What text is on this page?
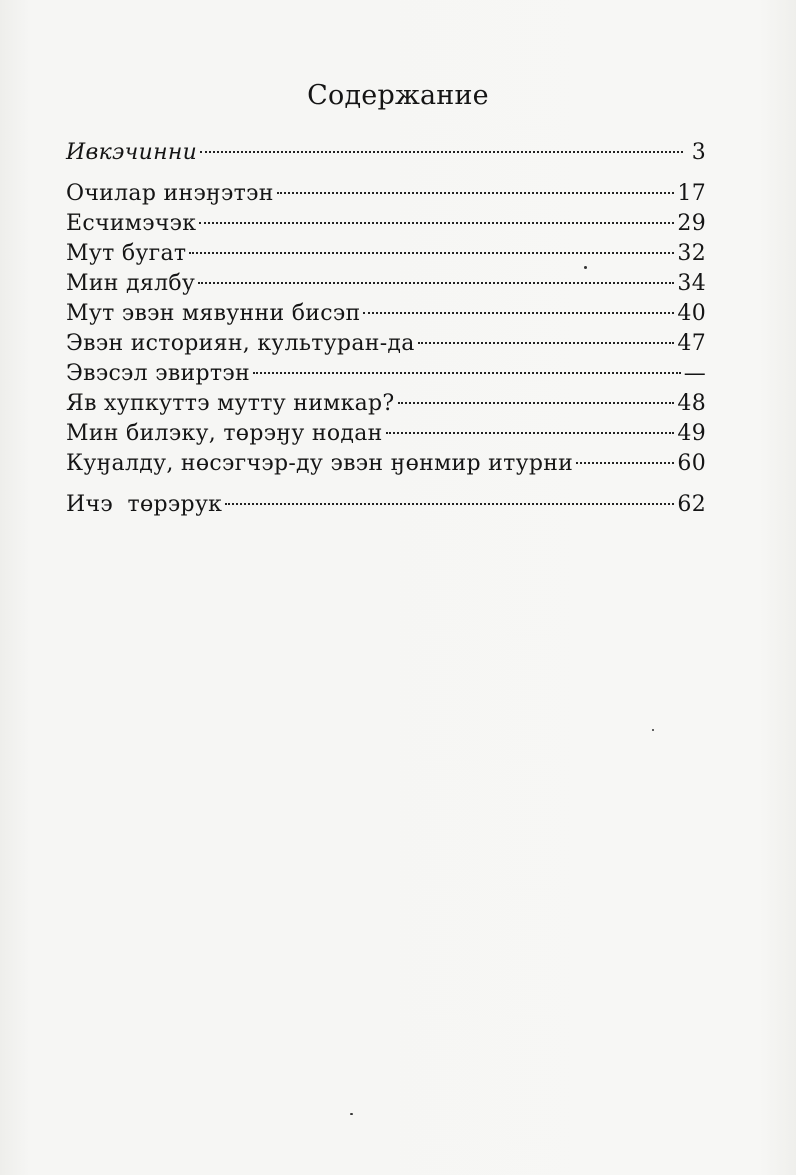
Содержание
Ивкэчинни	3
Очилар инэӈэтэн	17
Есчимэчэк	29
Мут бугат	32
Мин дялбу	34
Мут эвэн мявунни бисэп	40
Эвэн историян, культуран-да	47
Эвэсэл эвиртэн	—
Яв хупкуттэ мутту нимкар?	48
Мин билэку, төрэӈу нодан	49
Куӈалду, нөсэгчэр-ду эвэн ӈөнмир итурни	60
Ичэ  төрэрук	62
